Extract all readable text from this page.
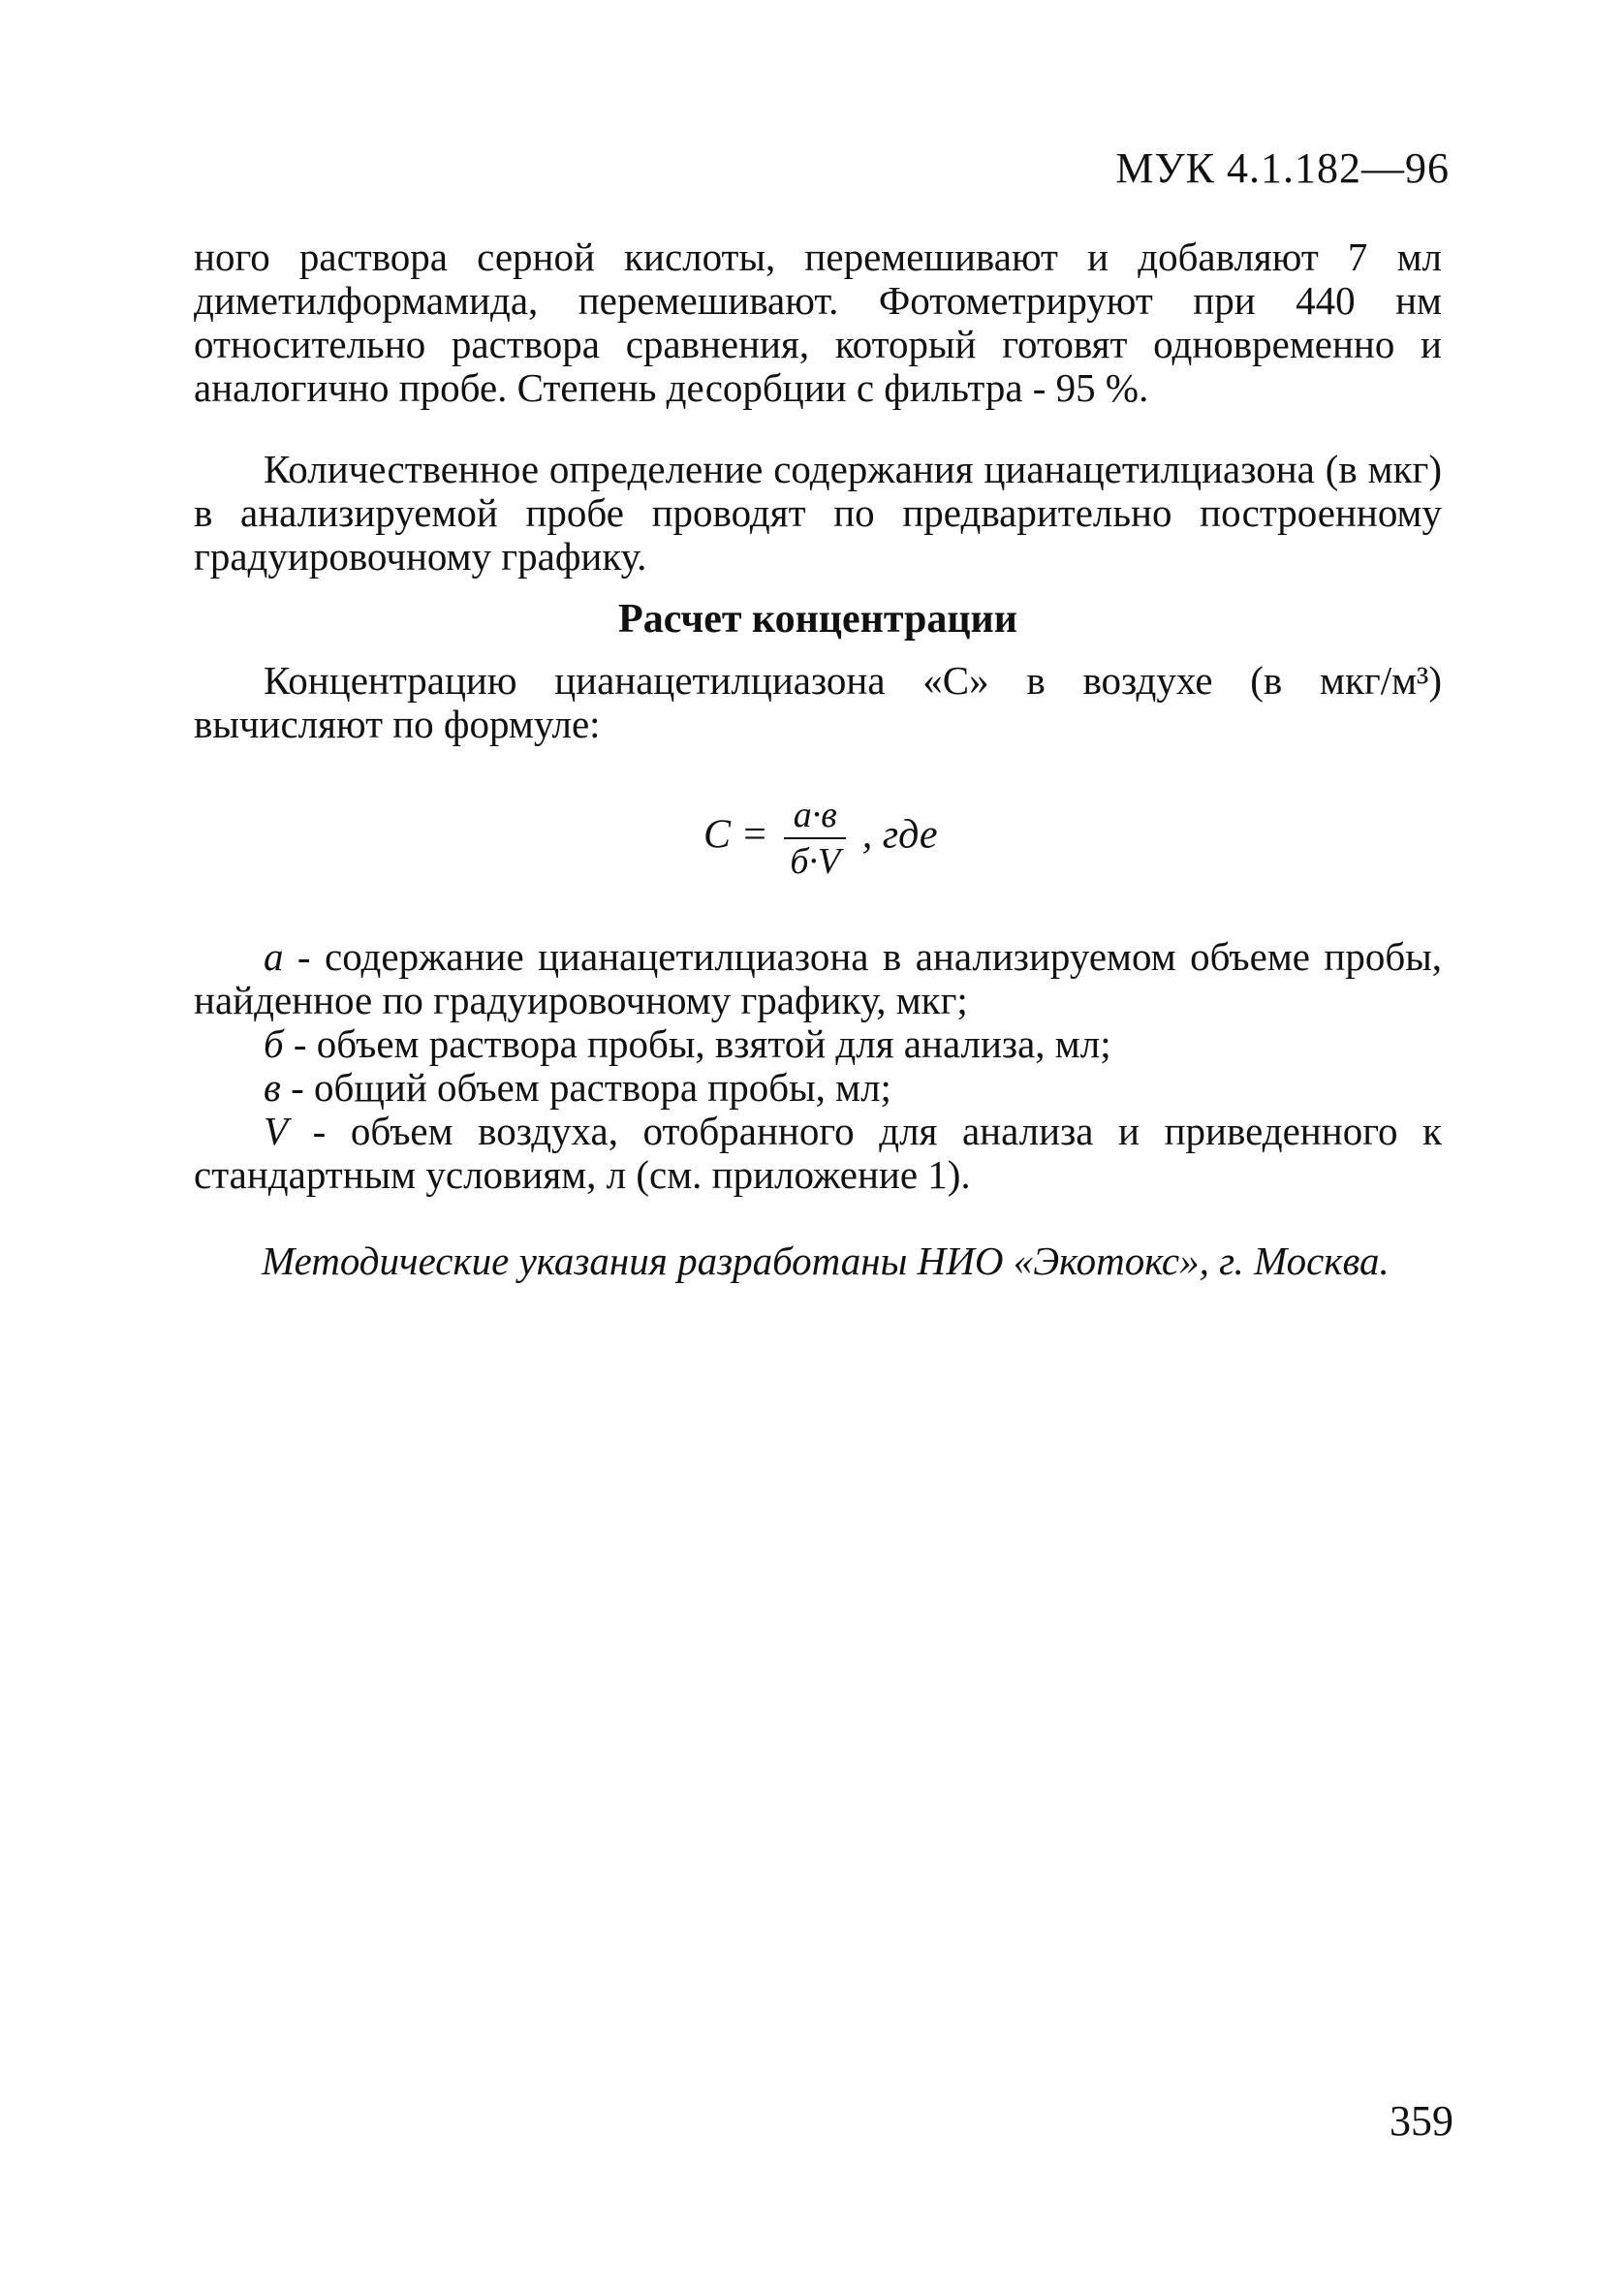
МУК 4.1.182—96
ного раствора серной кислоты, перемешивают и добавляют 7 мл диметилформамида, перемешивают. Фотометрируют при 440 нм относительно раствора сравнения, который готовят одновременно и аналогично пробе. Степень десорбции с фильтра - 95 %.
Количественное определение содержания цианацетилциазона (в мкг) в анализируемой пробе проводят по предварительно построенному градуировочному графику.
Расчет концентрации
Концентрацию цианацетилциазона «C» в воздухе (в мкг/м³) вычисляют по формуле:
$C = \frac{a\cdot в}{б\cdot V}$ , где
а - содержание цианацетилциазона в анализируемом объеме пробы, найденное по градуировочному графику, мкг;
б - объем раствора пробы, взятой для анализа, мл;
в - общий объем раствора пробы, мл;
V - объем воздуха, отобранного для анализа и приведенного к стандартным условиям, л (см. приложение 1).
Методические указания разработаны НИО «Экотокс», г. Москва.
359
